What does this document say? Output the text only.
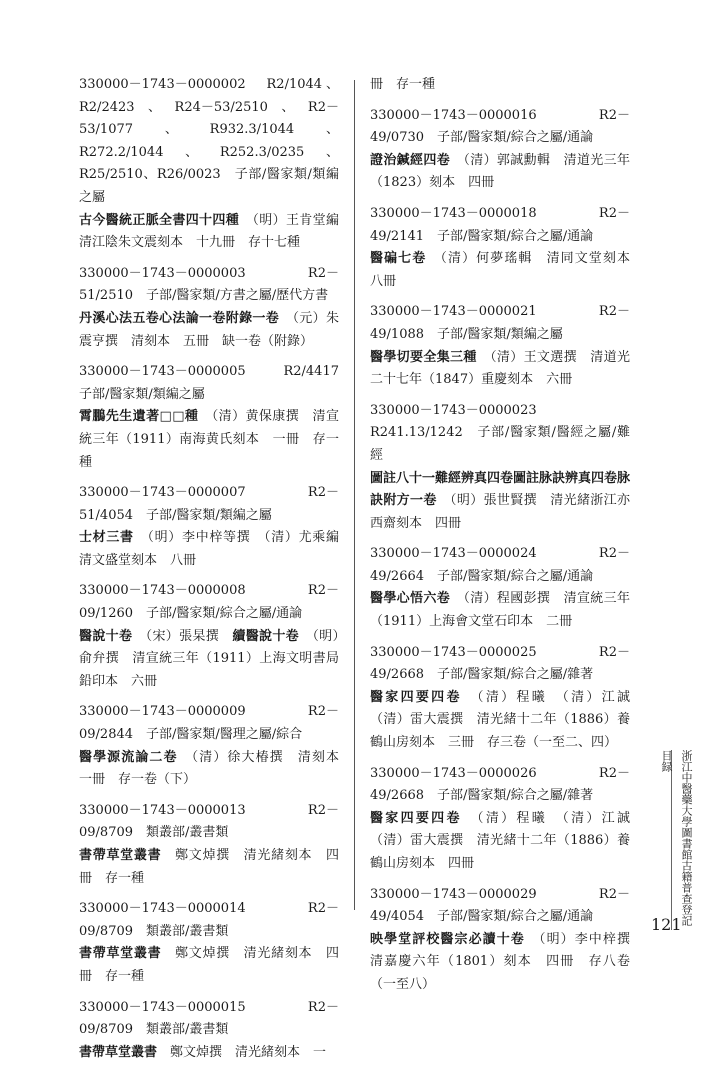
330000－1743－0000002　R2/1044、R2/2423、R24－53/2510、R2－53/1077、R932.3/1044、R272.2/1044、R252.3/0235、R25/2510、R26/0023　子部/醫家類/類編之屬
古今醫統正脈全書四十四種　 （明）王肯堂編　清江陰朱文震刻本　十九冊　存十七種
330000－1743－0000003　R2－51/2510　子部/醫家類/方書之屬/歷代方書
丹溪心法五卷心法論一卷附錄一卷　 （元）朱震亨撰　清刻本　五冊　缺一卷（附錄）
330000－1743－0000005　R2/4417　子部/醫家類/類編之屬
霄鵬先生遺著□□種　 （清）黄保康撰　清宣統三年（1911）南海黄氏刻本　一冊　存一種
330000－1743－0000007　R2－51/4054　子部/醫家類/類編之屬
士材三書　 （明）李中梓等撰　（清）尤乘編　清文盛堂刻本　八冊
330000－1743－0000008　R2－09/1260　子部/醫家類/綜合之屬/通論
醫說十卷　 （宋）張杲撰　續醫說十卷　 （明）俞弁撰　清宣統三年（1911）上海文明書局鉛印本　六冊
330000－1743－0000009　R2－09/2844　子部/醫家類/醫理之屬/綜合
醫學源流論二卷　 （清）徐大椿撰　清刻本　一冊　存一卷（下）
330000－1743－0000013　R2－09/8709　類叢部/叢書類
書帶草堂叢書　 鄭文焯撰　清光緒刻本　四冊　存一種
330000－1743－0000014　R2－09/8709　類叢部/叢書類
書帶草堂叢書　 鄭文焯撰　清光緒刻本　四冊　存一種
330000－1743－0000015　R2－09/8709　類叢部/叢書類
書帶草堂叢書　 鄭文焯撰　清光緒刻本　一
冊　存一種
330000－1743－0000016　R2－49/0730　子部/醫家類/綜合之屬/通論
證治鍼經四卷　 （清）郭誠勳輯　清道光三年（1823）刻本　四冊
330000－1743－0000018　R2－49/2141　子部/醫家類/綜合之屬/通論
醫碥七卷　 （清）何夢瑤輯　清同文堂刻本　八冊
330000－1743－0000021　R2－49/1088　子部/醫家類/類編之屬
醫學切要全集三種　 （清）王文選撰　清道光二十七年（1847）重慶刻本　六冊
330000－1743－0000023　R241.13/1242　子部/醫家類/醫經之屬/難經
圖註八十一難經辨真四卷圖註脉訣辨真四卷脉訣附方一卷　 （明）張世賢撰　清光緒浙江亦西齋刻本　四冊
330000－1743－0000024　R2－49/2664　子部/醫家類/綜合之屬/通論
醫學心悟六卷　 （清）程國彭撰　清宣統三年（1911）上海會文堂石印本　二冊
330000－1743－0000025　R2－49/2668　子部/醫家類/綜合之屬/雜著
醫家四要四卷　 （清）程曦　（清）江誠　（清）雷大震撰　清光緒十二年（1886）養鶴山房刻本　三冊　存三卷（一至二、四）
330000－1743－0000026　R2－49/2668　子部/醫家類/綜合之屬/雜著
醫家四要四卷　 （清）程曦　（清）江誠　（清）雷大震撰　清光緒十二年（1886）養鶴山房刻本　四冊
330000－1743－0000029　R2－49/4054　子部/醫家類/綜合之屬/通論
映學堂評校醫宗必讀十卷　 （明）李中梓撰　清嘉慶六年（1801）刻本　四冊　存八卷（一至八）
浙江中醫藥大學圖書館古籍普查登記目録
121
